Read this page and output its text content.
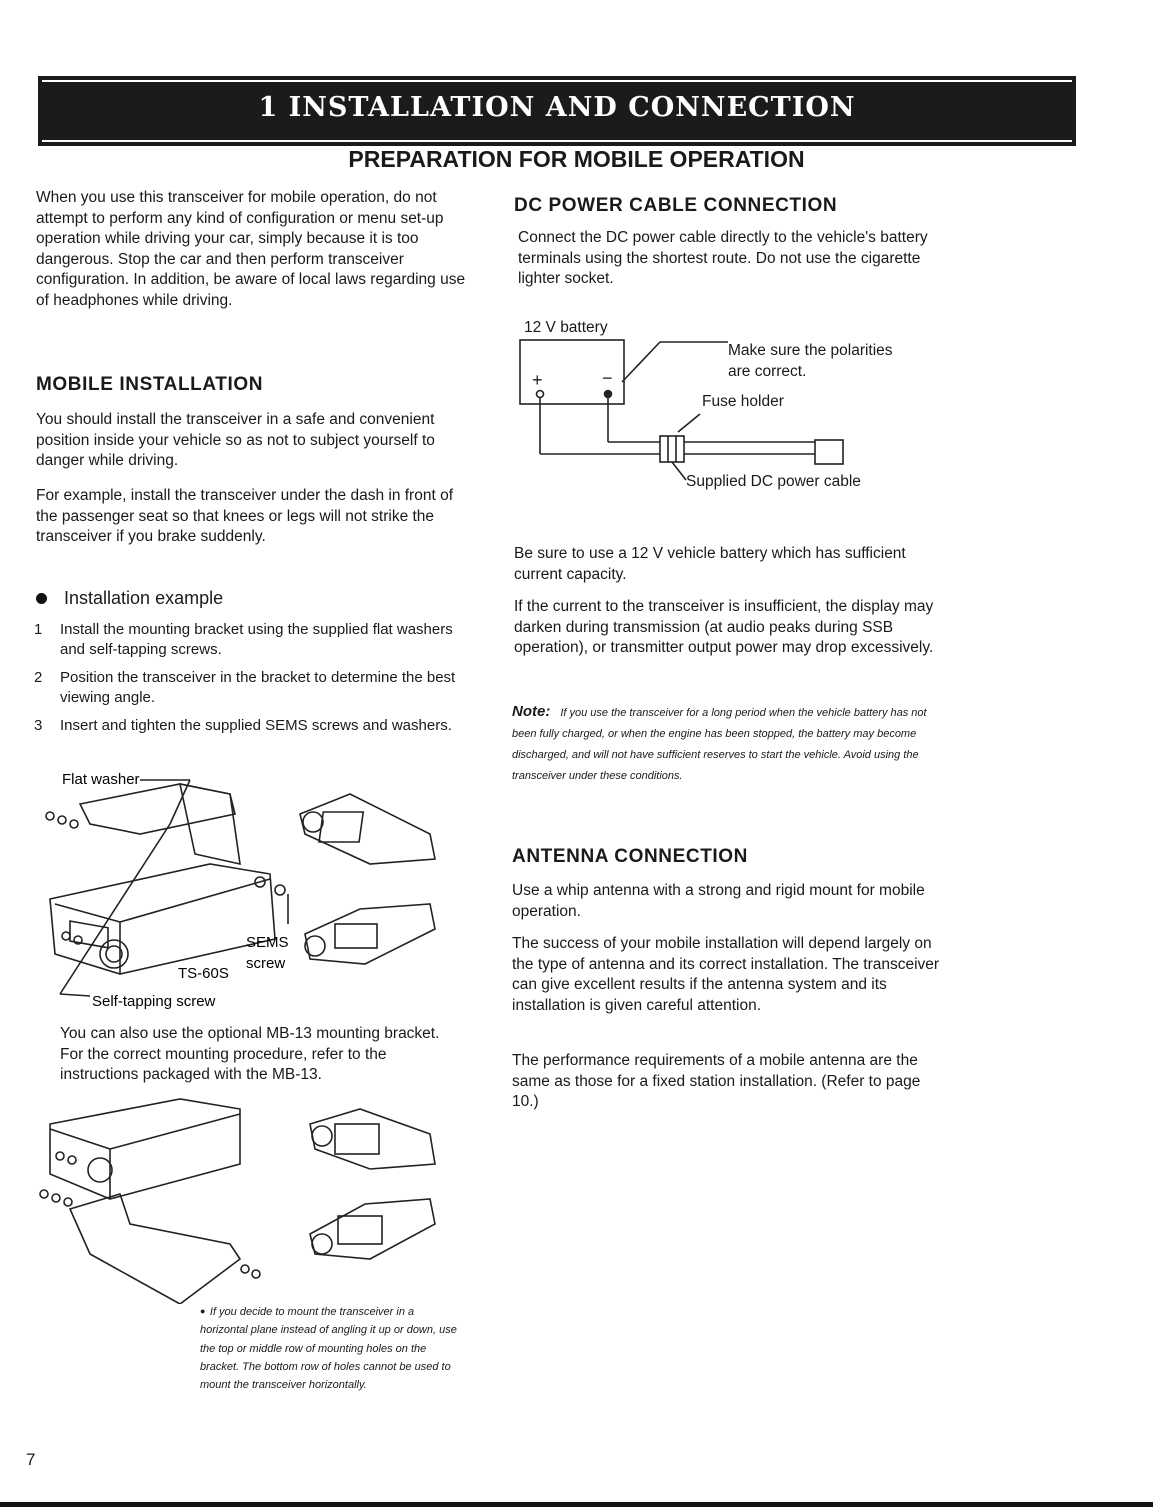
1 INSTALLATION AND CONNECTION
PREPARATION FOR MOBILE OPERATION
When you use this transceiver for mobile operation, do not attempt to perform any kind of configuration or menu set-up operation while driving your car, simply because it is too dangerous. Stop the car and then perform transceiver configuration. In addition, be aware of local laws regarding use of headphones while driving.
MOBILE INSTALLATION
You should install the transceiver in a safe and convenient position inside your vehicle so as not to subject yourself to danger while driving.
For example, install the transceiver under the dash in front of the passenger seat so that knees or legs will not strike the transceiver if you brake suddenly.
Installation example
1 Install the mounting bracket using the supplied flat washers and self-tapping screws.
2 Position the transceiver in the bracket to determine the best viewing angle.
3 Insert and tighten the supplied SEMS screws and washers.
Flat washer
SEMS
screw
TS-60S
Self-tapping screw
You can also use the optional MB-13 mounting bracket. For the correct mounting procedure, refer to the instructions packaged with the MB-13.
● If you decide to mount the transceiver in a horizontal plane instead of angling it up or down, use the top or middle row of mounting holes on the bracket. The bottom row of holes cannot be used to mount the transceiver horizontally.
DC POWER CABLE CONNECTION
Connect the DC power cable directly to the vehicle's battery terminals using the shortest route. Do not use the cigarette lighter socket.
12 V battery
+	−
Make sure the polarities
are correct.
Fuse holder
Supplied DC power cable
Be sure to use a 12 V vehicle battery which has sufficient current capacity.
If the current to the transceiver is insufficient, the display may darken during transmission (at audio peaks during SSB operation), or transmitter output power may drop excessively.
Note: If you use the transceiver for a long period when the vehicle battery has not been fully charged, or when the engine has been stopped, the battery may become discharged, and will not have sufficient reserves to start the vehicle. Avoid using the transceiver under these conditions.
ANTENNA CONNECTION
Use a whip antenna with a strong and rigid mount for mobile operation.
The success of your mobile installation will depend largely on the type of antenna and its correct installation. The transceiver can give excellent results if the antenna system and its installation is given careful attention.
The performance requirements of a mobile antenna are the same as those for a fixed station installation. (Refer to page 10.)
7
